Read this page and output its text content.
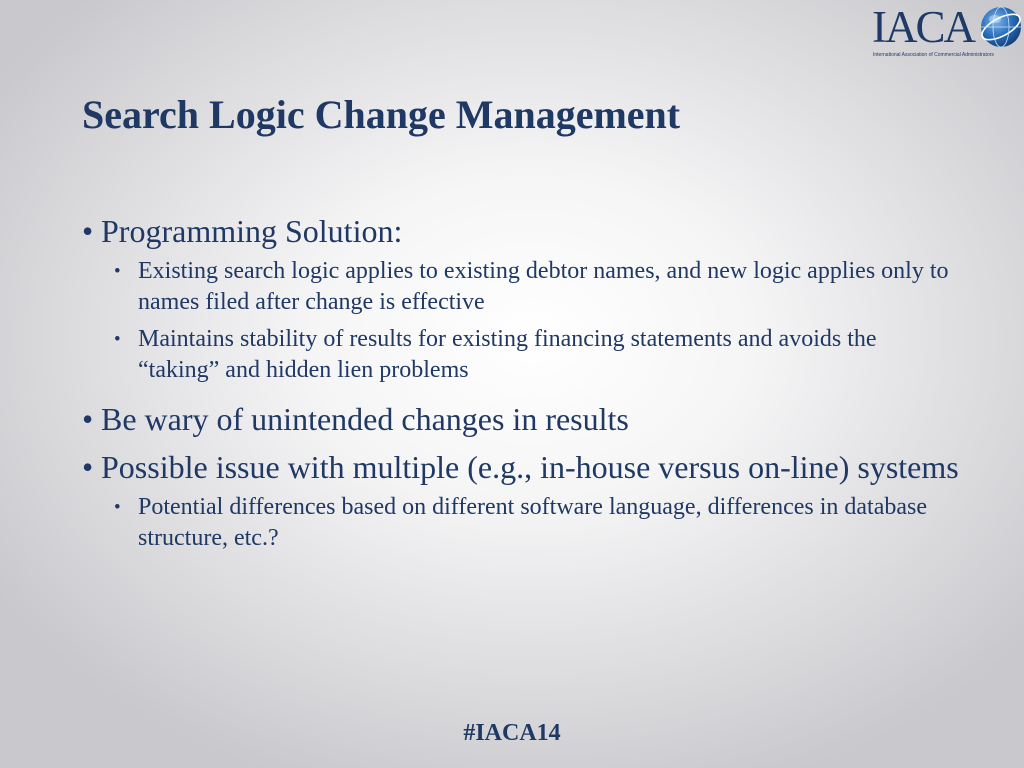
IACA
International Association of Commercial Administrators
Search Logic Change Management
• Programming Solution:
• Existing search logic applies to existing debtor names, and new logic applies only to names filed after change is effective
• Maintains stability of results for existing financing statements and avoids the “taking” and hidden lien problems
• Be wary of unintended changes in results
• Possible issue with multiple (e.g., in-house versus on-line) systems
• Potential differences based on different software language, differences in database structure, etc.?
#IACA14
